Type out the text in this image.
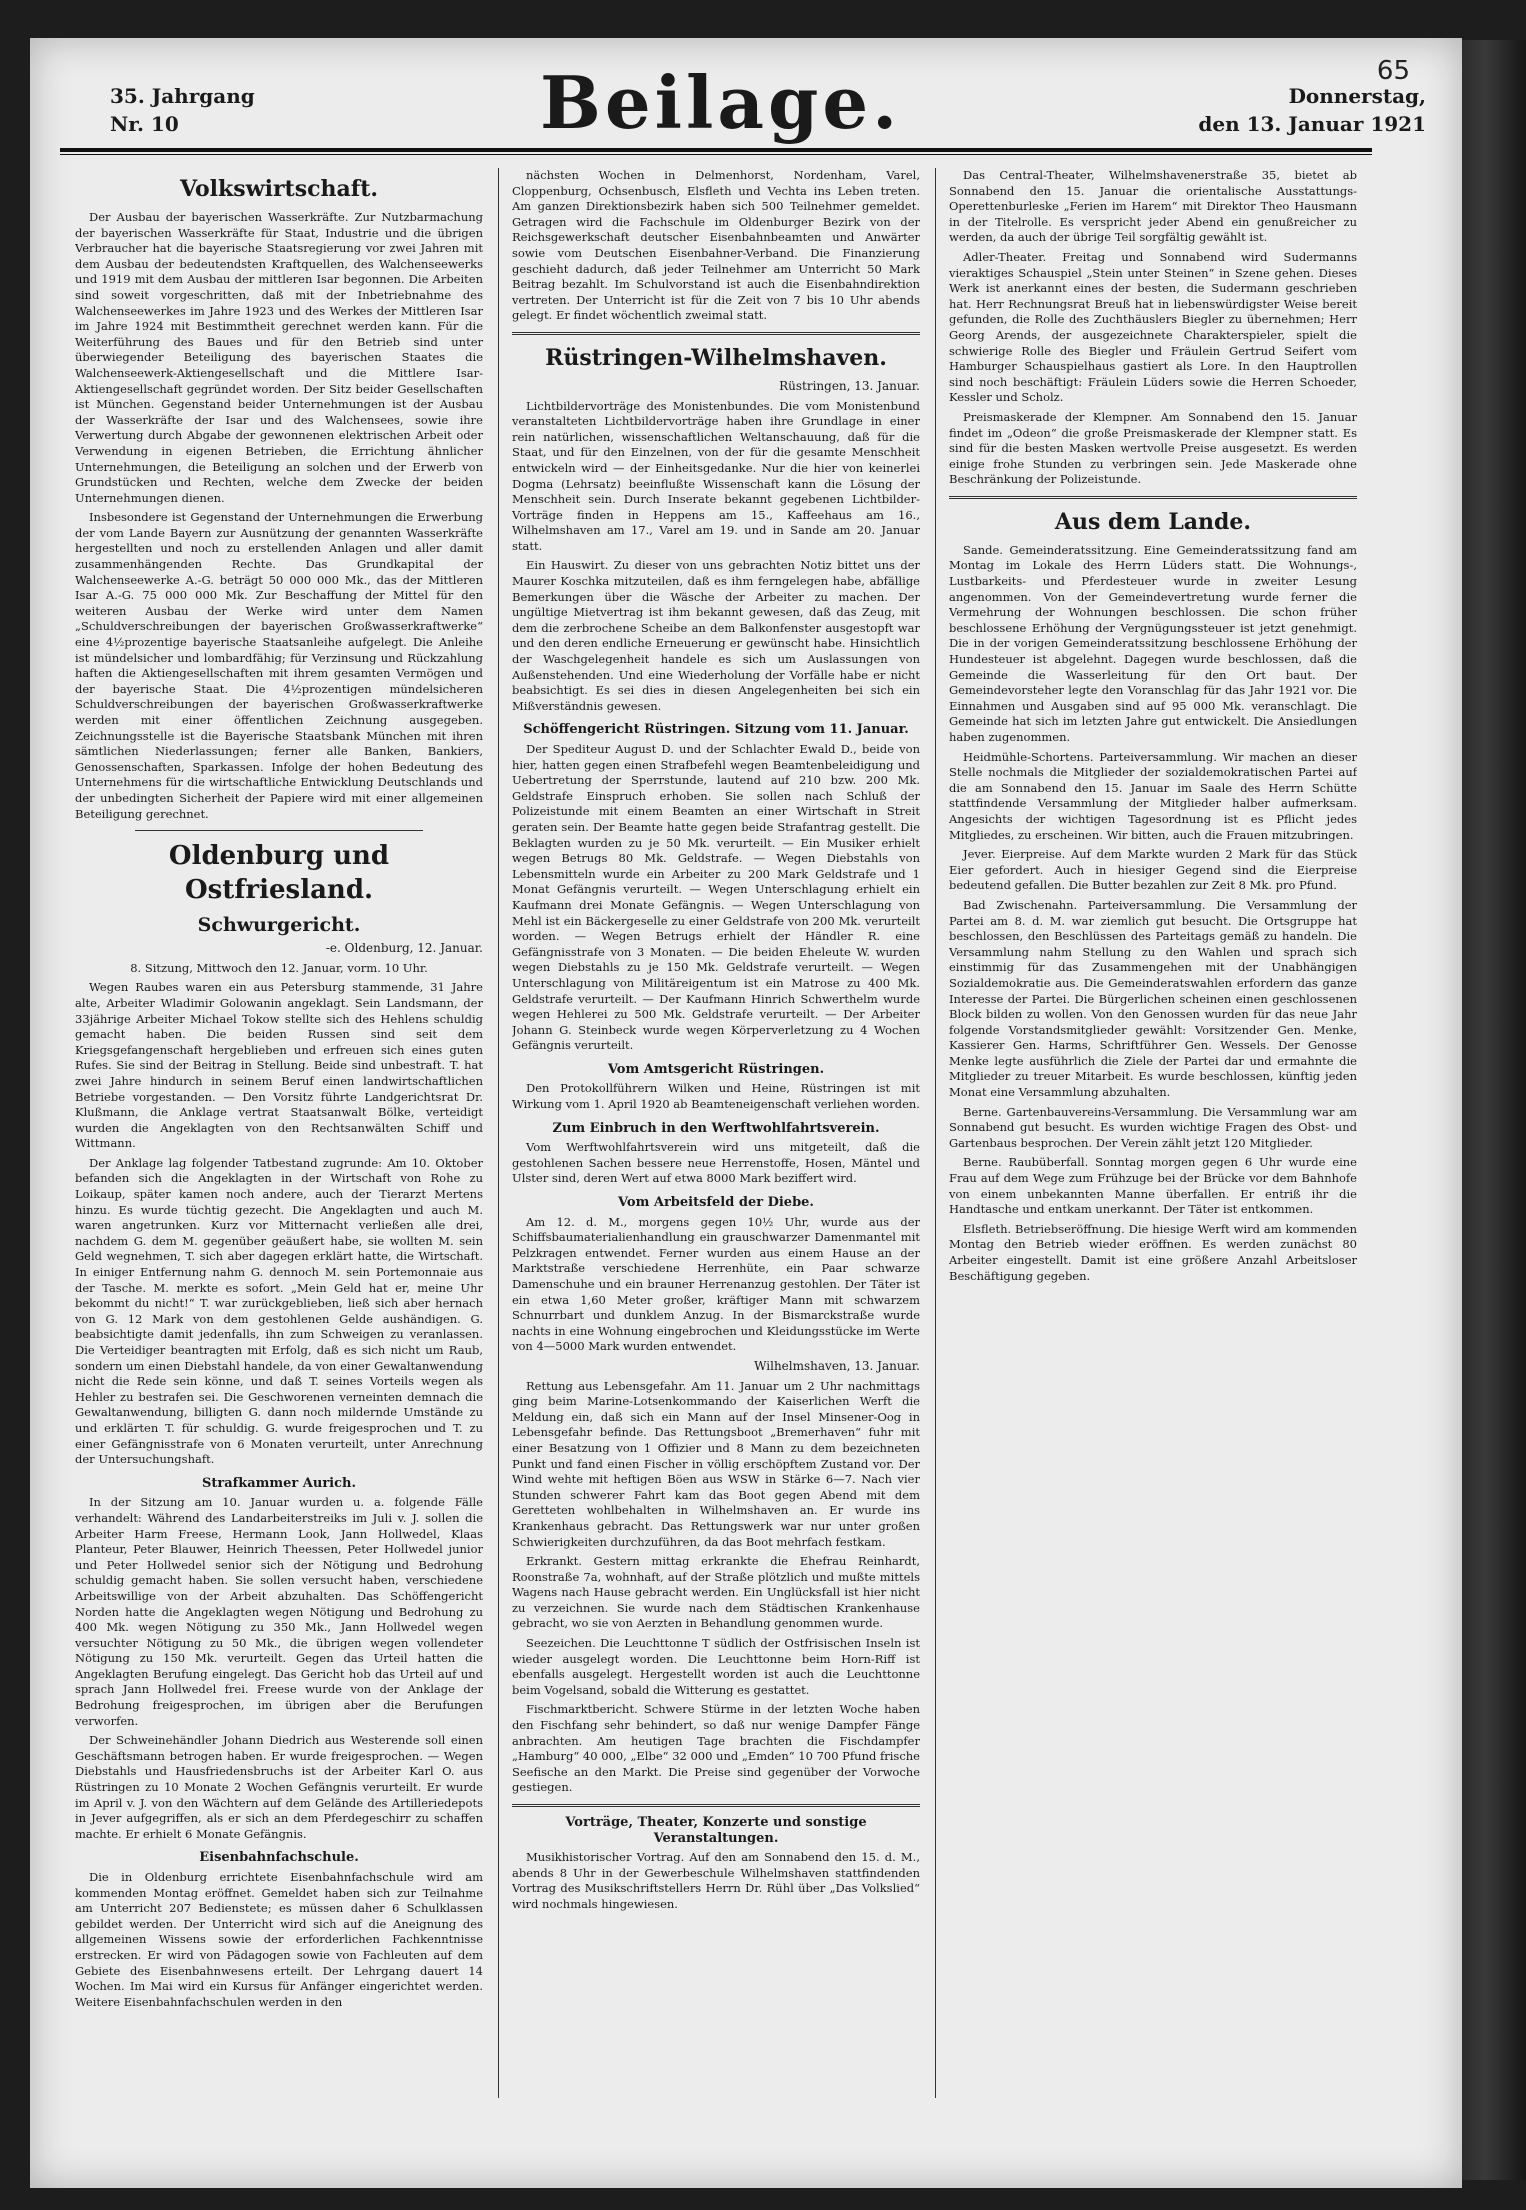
65
35. Jahrgang
Nr. 10	Beilage.	Donnerstag,
den 13. Januar 1921
Volkswirtschaft.

Der Ausbau der bayerischen Wasserkräfte. Zur Nutzbarmachung der bayerischen Wasserkräfte für Staat, Industrie und die übrigen Verbraucher hat die bayerische Staatsregierung vor zwei Jahren mit dem Ausbau der bedeutendsten Kraftquellen, des Walchenseewerks und 1919 mit dem Ausbau der mittleren Isar begonnen. Die Arbeiten sind soweit vorgeschritten, daß mit der Inbetriebnahme des Walchenseewerkes im Jahre 1923 und des Werkes der Mittleren Isar im Jahre 1924 mit Bestimmtheit gerechnet werden kann. Für die Weiterführung des Baues und für den Betrieb sind unter überwiegender Beteiligung des bayerischen Staates die Walchenseewerk-Aktiengesellschaft und die Mittlere Isar-Aktiengesellschaft gegründet worden. Der Sitz beider Gesellschaften ist München. Gegenstand beider Unternehmungen ist der Ausbau der Wasserkräfte der Isar und des Walchensees, sowie ihre Verwertung durch Abgabe der gewonnenen elektrischen Arbeit oder Verwendung in eigenen Betrieben, die Errichtung ähnlicher Unternehmungen, die Beteiligung an solchen und der Erwerb von Grundstücken und Rechten, welche dem Zwecke der beiden Unternehmungen dienen.

Insbesondere ist Gegenstand der Unternehmungen die Erwerbung der vom Lande Bayern zur Ausnützung der genannten Wasserkräfte hergestellten und noch zu erstellenden Anlagen und aller damit zusammenhängenden Rechte. Das Grundkapital der Walchenseewerke A.-G. beträgt 50 000 000 Mk., das der Mittleren Isar A.-G. 75 000 000 Mk. Zur Beschaffung der Mittel für den weiteren Ausbau der Werke wird unter dem Namen „Schuldverschreibungen der bayerischen Großwasserkraftwerke“ eine 4½prozentige bayerische Staatsanleihe aufgelegt. Die Anleihe ist mündelsicher und lombardfähig; für Verzinsung und Rückzahlung haften die Aktiengesellschaften mit ihrem gesamten Vermögen und der bayerische Staat. Die 4½prozentigen mündelsicheren Schuldverschreibungen der bayerischen Großwasserkraftwerke werden mit einer öffentlichen Zeichnung ausgegeben. Zeichnungsstelle ist die Bayerische Staatsbank München mit ihren sämtlichen Niederlassungen; ferner alle Banken, Bankiers, Genossenschaften, Sparkassen. Infolge der hohen Bedeutung des Unternehmens für die wirtschaftliche Entwicklung Deutschlands und der unbedingten Sicherheit der Papiere wird mit einer allgemeinen Beteiligung gerechnet.

Oldenburg und Ostfriesland.
Schwurgericht.
-e. Oldenburg, 12. Januar.
8. Sitzung, Mittwoch den 12. Januar, vorm. 10 Uhr.

Wegen Raubes waren ein aus Petersburg stammende, 31 Jahre alte, Arbeiter Wladimir Golowanin angeklagt. Sein Landsmann, der 33jährige Arbeiter Michael Tokow stellte sich des Hehlens schuldig gemacht haben. Die beiden Russen sind seit dem Kriegsgefangenschaft hergeblieben und erfreuen sich eines guten Rufes. Sie sind der Beitrag in Stellung. Beide sind unbestraft. T. hat zwei Jahre hindurch in seinem Beruf einen landwirtschaftlichen Betriebe vorgestanden. — Den Vorsitz führte Landgerichtsrat Dr. Klußmann, die Anklage vertrat Staatsanwalt Bölke, verteidigt wurden die Angeklagten von den Rechtsanwälten Schiff und Wittmann.

Der Anklage lag folgender Tatbestand zugrunde: Am 10. Oktober befanden sich die Angeklagten in der Wirtschaft von Rohe zu Loikaup, später kamen noch andere, auch der Tierarzt Mertens hinzu. Es wurde tüchtig gezecht. Die Angeklagten und auch M. waren angetrunken. Kurz vor Mitternacht verließen alle drei, nachdem G. dem M. gegenüber geäußert habe, sie wollten M. sein Geld wegnehmen, T. sich aber dagegen erklärt hatte, die Wirtschaft. In einiger Entfernung nahm G. dennoch M. sein Portemonnaie aus der Tasche. M. merkte es sofort. „Mein Geld hat er, meine Uhr bekommt du nicht!“ T. war zurückgeblieben, ließ sich aber hernach von G. 12 Mark von dem gestohlenen Gelde aushändigen. G. beabsichtigte damit jedenfalls, ihn zum Schweigen zu veranlassen. Die Verteidiger beantragten mit Erfolg, daß es sich nicht um Raub, sondern um einen Diebstahl handele, da von einer Gewaltanwendung nicht die Rede sein könne, und daß T. seines Vorteils wegen als Hehler zu bestrafen sei. Die Geschworenen verneinten demnach die Gewaltanwendung, billigten G. dann noch mildernde Umstände zu und erklärten T. für schuldig. G. wurde freigesprochen und T. zu einer Gefängnisstrafe von 6 Monaten verurteilt, unter Anrechnung der Untersuchungshaft.

Strafkammer Aurich.

In der Sitzung am 10. Januar wurden u. a. folgende Fälle verhandelt: Während des Landarbeiterstreiks im Juli v. J. sollen die Arbeiter Harm Freese, Hermann Look, Jann Hollwedel, Klaas Planteur, Peter Blauwer, Heinrich Theessen, Peter Hollwedel junior und Peter Hollwedel senior sich der Nötigung und Bedrohung schuldig gemacht haben. Sie sollen versucht haben, verschiedene Arbeitswillige von der Arbeit abzuhalten. Das Schöffengericht Norden hatte die Angeklagten wegen Nötigung und Bedrohung zu 400 Mk. wegen Nötigung zu 350 Mk., Jann Hollwedel wegen versuchter Nötigung zu 50 Mk., die übrigen wegen vollendeter Nötigung zu 150 Mk. verurteilt. Gegen das Urteil hatten die Angeklagten Berufung eingelegt. Das Gericht hob das Urteil auf und sprach Jann Hollwedel frei. Freese wurde von der Anklage der Bedrohung freigesprochen, im übrigen aber die Berufungen verworfen.

Der Schweinehändler Johann Diedrich aus Westerende soll einen Geschäftsmann betrogen haben. Er wurde freigesprochen. — Wegen Diebstahls und Hausfriedensbruchs ist der Arbeiter Karl O. aus Rüstringen zu 10 Monate 2 Wochen Gefängnis verurteilt. Er wurde im April v. J. von den Wächtern auf dem Gelände des Artilleriedepots in Jever aufgegriffen, als er sich an dem Pferdegeschirr zu schaffen machte. Er erhielt 6 Monate Gefängnis.

Eisenbahnfachschule.

Die in Oldenburg errichtete Eisenbahnfachschule wird am kommenden Montag eröffnet. Gemeldet haben sich zur Teilnahme am Unterricht 207 Bedienstete; es müssen daher 6 Schulklassen gebildet werden. Der Unterricht wird sich auf die Aneignung des allgemeinen Wissens sowie der erforderlichen Fachkenntnisse erstrecken. Er wird von Pädagogen sowie von Fachleuten auf dem Gebiete des Eisenbahnwesens erteilt. Der Lehrgang dauert 14 Wochen. Im Mai wird ein Kursus für Anfänger eingerichtet werden. Weitere Eisenbahnfachschulen werden in den

nächsten Wochen in Delmenhorst, Nordenham, Varel, Cloppenburg, Ochsenbusch, Elsfleth und Vechta ins Leben treten. Am ganzen Direktionsbezirk haben sich 500 Teilnehmer gemeldet. Getragen wird die Fachschule im Oldenburger Bezirk von der Reichsgewerkschaft deutscher Eisenbahnbeamten und Anwärter sowie vom Deutschen Eisenbahner-Verband. Die Finanzierung geschieht dadurch, daß jeder Teilnehmer am Unterricht 50 Mark Beitrag bezahlt. Im Schulvorstand ist auch die Eisenbahndirektion vertreten. Der Unterricht ist für die Zeit von 7 bis 10 Uhr abends gelegt. Er findet wöchentlich zweimal statt.

Rüstringen-Wilhelmshaven.
Rüstringen, 13. Januar.

Lichtbildervorträge des Monistenbundes. Die vom Monistenbund veranstalteten Lichtbildervorträge haben ihre Grundlage in einer rein natürlichen, wissenschaftlichen Weltanschauung, daß für die Staat, und für den Einzelnen, von der für die gesamte Menschheit entwickeln wird — der Einheitsgedanke. Nur die hier von keinerlei Dogma (Lehrsatz) beeinflußte Wissenschaft kann die Lösung der Menschheit sein. Durch Inserate bekannt gegebenen Lichtbilder-Vorträge finden in Heppens am 15., Kaffeehaus am 16., Wilhelmshaven am 17., Varel am 19. und in Sande am 20. Januar statt.

Ein Hauswirt. Zu dieser von uns gebrachten Notiz bittet uns der Maurer Koschka mitzuteilen, daß es ihm ferngelegen habe, abfällige Bemerkungen über die Wäsche der Arbeiter zu machen. Der ungültige Mietvertrag ist ihm bekannt gewesen, daß das Zeug, mit dem die zerbrochene Scheibe an dem Balkonfenster ausgestopft war und den deren endliche Erneuerung er gewünscht habe. Hinsichtlich der Waschgelegenheit handele es sich um Auslassungen von Außenstehenden. Und eine Wiederholung der Vorfälle habe er nicht beabsichtigt. Es sei dies in diesen Angelegenheiten bei sich ein Mißverständnis gewesen.

Schöffengericht Rüstringen. Sitzung vom 11. Januar.

Der Spediteur August D. und der Schlachter Ewald D., beide von hier, hatten gegen einen Strafbefehl wegen Beamtenbeleidigung und Uebertretung der Sperrstunde, lautend auf 210 bzw. 200 Mk. Geldstrafe Einspruch erhoben. Sie sollen nach Schluß der Polizeistunde mit einem Beamten an einer Wirtschaft in Streit geraten sein. Der Beamte hatte gegen beide Strafantrag gestellt. Die Beklagten wurden zu je 50 Mk. verurteilt. — Ein Musiker erhielt wegen Betrugs 80 Mk. Geldstrafe. — Wegen Diebstahls von Lebensmitteln wurde ein Arbeiter zu 200 Mark Geldstrafe und 1 Monat Gefängnis verurteilt. — Wegen Unterschlagung erhielt ein Kaufmann drei Monate Gefängnis. — Wegen Unterschlagung von Mehl ist ein Bäckergeselle zu einer Geldstrafe von 200 Mk. verurteilt worden. — Wegen Betrugs erhielt der Händler R. eine Gefängnisstrafe von 3 Monaten. — Die beiden Eheleute W. wurden wegen Diebstahls zu je 150 Mk. Geldstrafe verurteilt. — Wegen Unterschlagung von Militäreigentum ist ein Matrose zu 400 Mk. Geldstrafe verurteilt. — Der Kaufmann Hinrich Schwerthelm wurde wegen Hehlerei zu 500 Mk. Geldstrafe verurteilt. — Der Arbeiter Johann G. Steinbeck wurde wegen Körperverletzung zu 4 Wochen Gefängnis verurteilt.

Vom Amtsgericht Rüstringen.

Den Protokollführern Wilken und Heine, Rüstringen ist mit Wirkung vom 1. April 1920 ab Beamteneigenschaft verliehen worden.

Zum Einbruch in den Werftwohlfahrtsverein.

Vom Werftwohlfahrtsverein wird uns mitgeteilt, daß die gestohlenen Sachen bessere neue Herrenstoffe, Hosen, Mäntel und Ulster sind, deren Wert auf etwa 8000 Mark beziffert wird.

Vom Arbeitsfeld der Diebe.

Am 12. d. M., morgens gegen 10½ Uhr, wurde aus der Schiffsbaumaterialienhandlung ein grauschwarzer Damenmantel mit Pelzkragen entwendet. Ferner wurden aus einem Hause an der Marktstraße verschiedene Herrenhüte, ein Paar schwarze Damenschuhe und ein brauner Herrenanzug gestohlen. Der Täter ist ein etwa 1,60 Meter großer, kräftiger Mann mit schwarzem Schnurrbart und dunklem Anzug. In der Bismarckstraße wurde nachts in eine Wohnung eingebrochen und Kleidungsstücke im Werte von 4—5000 Mark wurden entwendet.

Wilhelmshaven, 13. Januar.

Rettung aus Lebensgefahr. Am 11. Januar um 2 Uhr nachmittags ging beim Marine-Lotsenkommando der Kaiserlichen Werft die Meldung ein, daß sich ein Mann auf der Insel Minsener-Oog in Lebensgefahr befinde. Das Rettungsboot „Bremerhaven“ fuhr mit einer Besatzung von 1 Offizier und 8 Mann zu dem bezeichneten Punkt und fand einen Fischer in völlig erschöpftem Zustand vor. Der Wind wehte mit heftigen Böen aus WSW in Stärke 6—7. Nach vier Stunden schwerer Fahrt kam das Boot gegen Abend mit dem Geretteten wohlbehalten in Wilhelmshaven an. Er wurde ins Krankenhaus gebracht. Das Rettungswerk war nur unter großen Schwierigkeiten durchzuführen, da das Boot mehrfach festkam.

Erkrankt. Gestern mittag erkrankte die Ehefrau Reinhardt, Roonstraße 7a, wohnhaft, auf der Straße plötzlich und mußte mittels Wagens nach Hause gebracht werden. Ein Unglücksfall ist hier nicht zu verzeichnen. Sie wurde nach dem Städtischen Krankenhause gebracht, wo sie von Aerzten in Behandlung genommen wurde.

Seezeichen. Die Leuchttonne T südlich der Ostfrisischen Inseln ist wieder ausgelegt worden. Die Leuchttonne beim Horn-Riff ist ebenfalls ausgelegt. Hergestellt worden ist auch die Leuchttonne beim Vogelsand, sobald die Witterung es gestattet.

Fischmarktbericht. Schwere Stürme in der letzten Woche haben den Fischfang sehr behindert, so daß nur wenige Dampfer Fänge anbrachten. Am heutigen Tage brachten die Fischdampfer „Hamburg“ 40 000, „Elbe“ 32 000 und „Emden“ 10 700 Pfund frische Seefische an den Markt. Die Preise sind gegenüber der Vorwoche gestiegen.

Vorträge, Theater, Konzerte und sonstige Veranstaltungen.

Musikhistorischer Vortrag. Auf den am Sonnabend den 15. d. M., abends 8 Uhr in der Gewerbeschule Wilhelmshaven stattfindenden Vortrag des Musikschriftstellers Herrn Dr. Rühl über „Das Volkslied“ wird nochmals hingewiesen.

Das Central-Theater, Wilhelmshavenerstraße 35, bietet ab Sonnabend den 15. Januar die orientalische Ausstattungs-Operettenburleske „Ferien im Harem“ mit Direktor Theo Hausmann in der Titelrolle. Es verspricht jeder Abend ein genußreicher zu werden, da auch der übrige Teil sorgfältig gewählt ist.

Adler-Theater. Freitag und Sonnabend wird Sudermanns vieraktiges Schauspiel „Stein unter Steinen“ in Szene gehen. Dieses Werk ist anerkannt eines der besten, die Sudermann geschrieben hat. Herr Rechnungsrat Breuß hat in liebenswürdigster Weise bereit gefunden, die Rolle des Zuchthäuslers Biegler zu übernehmen; Herr Georg Arends, der ausgezeichnete Charakterspieler, spielt die schwierige Rolle des Biegler und Fräulein Gertrud Seifert vom Hamburger Schauspielhaus gastiert als Lore. In den Hauptrollen sind noch beschäftigt: Fräulein Lüders sowie die Herren Schoeder, Kessler und Scholz.

Preismaskerade der Klempner. Am Sonnabend den 15. Januar findet im „Odeon“ die große Preismaskerade der Klempner statt. Es sind für die besten Masken wertvolle Preise ausgesetzt. Es werden einige frohe Stunden zu verbringen sein. Jede Maskerade ohne Beschränkung der Polizeistunde.

Aus dem Lande.

Sande. Gemeinderatssitzung. Eine Gemeinderatssitzung fand am Montag im Lokale des Herrn Lüders statt. Die Wohnungs-, Lustbarkeits- und Pferdesteuer wurde in zweiter Lesung angenommen. Von der Gemeindevertretung wurde ferner die Vermehrung der Wohnungen beschlossen. Die schon früher beschlossene Erhöhung der Vergnügungssteuer ist jetzt genehmigt. Die in der vorigen Gemeinderatssitzung beschlossene Erhöhung der Hundesteuer ist abgelehnt. Dagegen wurde beschlossen, daß die Gemeinde die Wasserleitung für den Ort baut. Der Gemeindevorsteher legte den Voranschlag für das Jahr 1921 vor. Die Einnahmen und Ausgaben sind auf 95 000 Mk. veranschlagt. Die Gemeinde hat sich im letzten Jahre gut entwickelt. Die Ansiedlungen haben zugenommen.

Heidmühle-Schortens. Parteiversammlung. Wir machen an dieser Stelle nochmals die Mitglieder der sozialdemokratischen Partei auf die am Sonnabend den 15. Januar im Saale des Herrn Schütte stattfindende Versammlung der Mitglieder halber aufmerksam. Angesichts der wichtigen Tagesordnung ist es Pflicht jedes Mitgliedes, zu erscheinen. Wir bitten, auch die Frauen mitzubringen.

Jever. Eierpreise. Auf dem Markte wurden 2 Mark für das Stück Eier gefordert. Auch in hiesiger Gegend sind die Eierpreise bedeutend gefallen. Die Butter bezahlen zur Zeit 8 Mk. pro Pfund.

Bad Zwischenahn. Parteiversammlung. Die Versammlung der Partei am 8. d. M. war ziemlich gut besucht. Die Ortsgruppe hat beschlossen, den Beschlüssen des Parteitags gemäß zu handeln. Die Versammlung nahm Stellung zu den Wahlen und sprach sich einstimmig für das Zusammengehen mit der Unabhängigen Sozialdemokratie aus. Die Gemeinderatswahlen erfordern das ganze Interesse der Partei. Die Bürgerlichen scheinen einen geschlossenen Block bilden zu wollen. Von den Genossen wurden für das neue Jahr folgende Vorstandsmitglieder gewählt: Vorsitzender Gen. Menke, Kassierer Gen. Harms, Schriftführer Gen. Wessels. Der Genosse Menke legte ausführlich die Ziele der Partei dar und ermahnte die Mitglieder zu treuer Mitarbeit. Es wurde beschlossen, künftig jeden Monat eine Versammlung abzuhalten.

Berne. Gartenbauvereins-Versammlung. Die Versammlung war am Sonnabend gut besucht. Es wurden wichtige Fragen des Obst- und Gartenbaus besprochen. Der Verein zählt jetzt 120 Mitglieder.

Berne. Raubüberfall. Sonntag morgen gegen 6 Uhr wurde eine Frau auf dem Wege zum Frühzuge bei der Brücke vor dem Bahnhofe von einem unbekannten Manne überfallen. Er entriß ihr die Handtasche und entkam unerkannt. Der Täter ist entkommen.

Elsfleth. Betriebseröffnung. Die hiesige Werft wird am kommenden Montag den Betrieb wieder eröffnen. Es werden zunächst 80 Arbeiter eingestellt. Damit ist eine größere Anzahl Arbeitsloser Beschäftigung gegeben.
